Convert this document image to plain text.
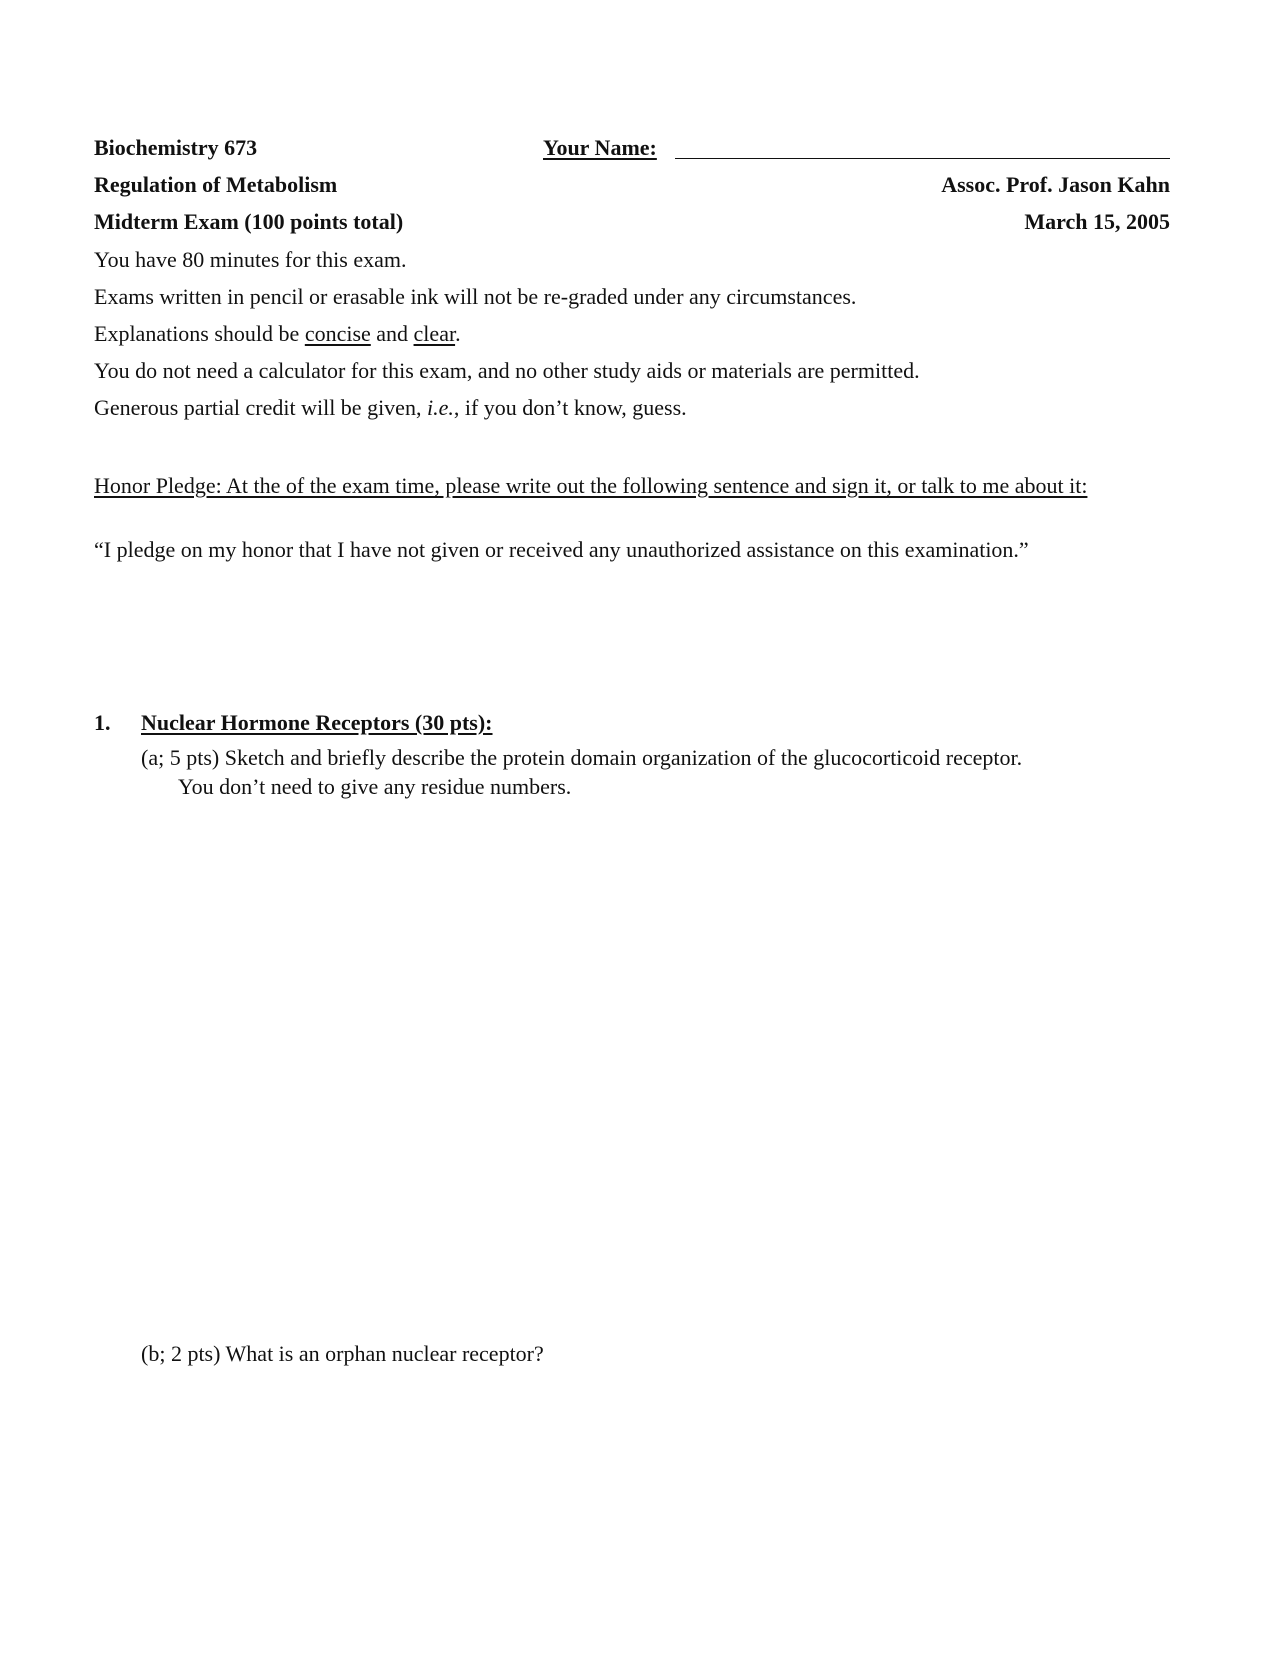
Biochemistry 673	Your Name:
Regulation of Metabolism	Assoc. Prof. Jason Kahn
Midterm Exam (100 points total)	March 15, 2005
You have 80 minutes for this exam.
Exams written in pencil or erasable ink will not be re-graded under any circumstances.
Explanations should be concise and clear.
You do not need a calculator for this exam, and no other study aids or materials are permitted.
Generous partial credit will be given, i.e., if you don’t know, guess.
Honor Pledge: At the of the exam time, please write out the following sentence and sign it, or talk to me about it:
“I pledge on my honor that I have not given or received any unauthorized assistance on this examination.”
1. Nuclear Hormone Receptors (30 pts):
(a; 5 pts) Sketch and briefly describe the protein domain organization of the glucocorticoid receptor.
You don’t need to give any residue numbers.
(b; 2 pts) What is an orphan nuclear receptor?
